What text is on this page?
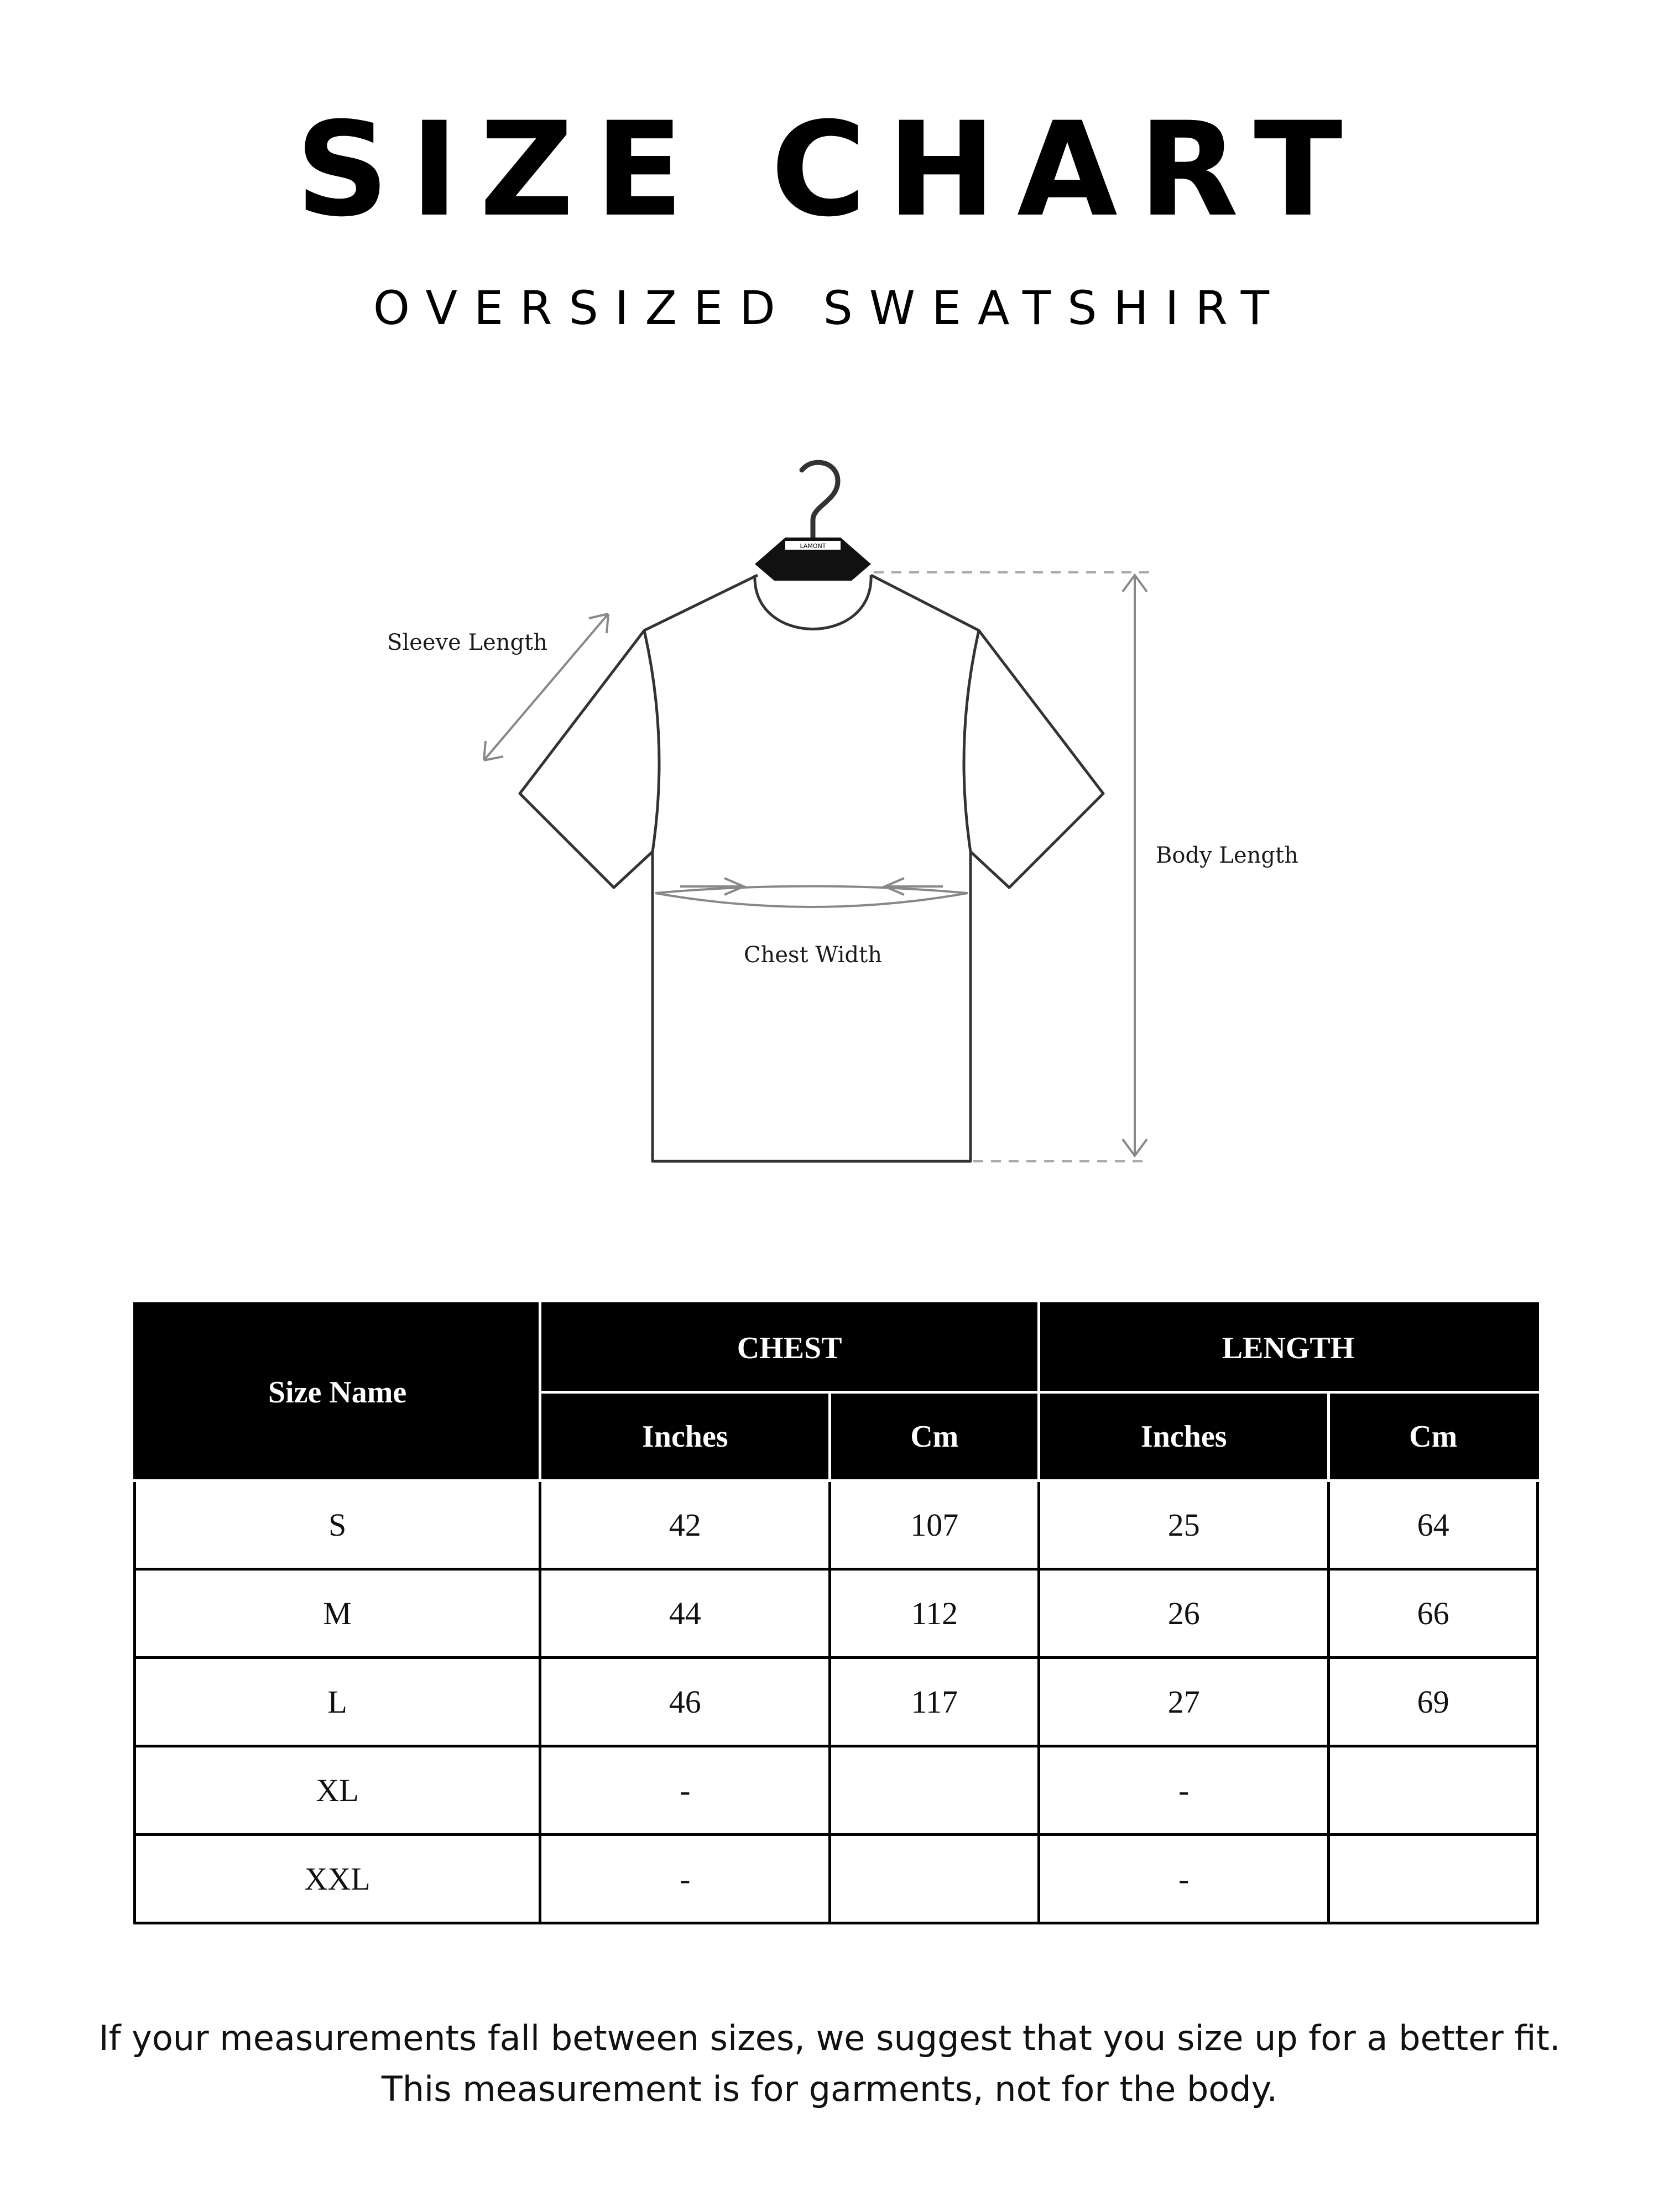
SIZE CHART
OVERSIZED SWEATSHIRT
LAMONT
Sleeve Length
Body Length
Chest Width
Size Name	CHEST		LENGTH	
	Inches	Cm	Inches	Cm
S	42	107	25	64
M	44	112	26	66
L	46	117	27	69
XL	-		-	
XXL	-		-	
If your measurements fall between sizes, we suggest that you size up for a better fit.
This measurement is for garments, not for the body.
